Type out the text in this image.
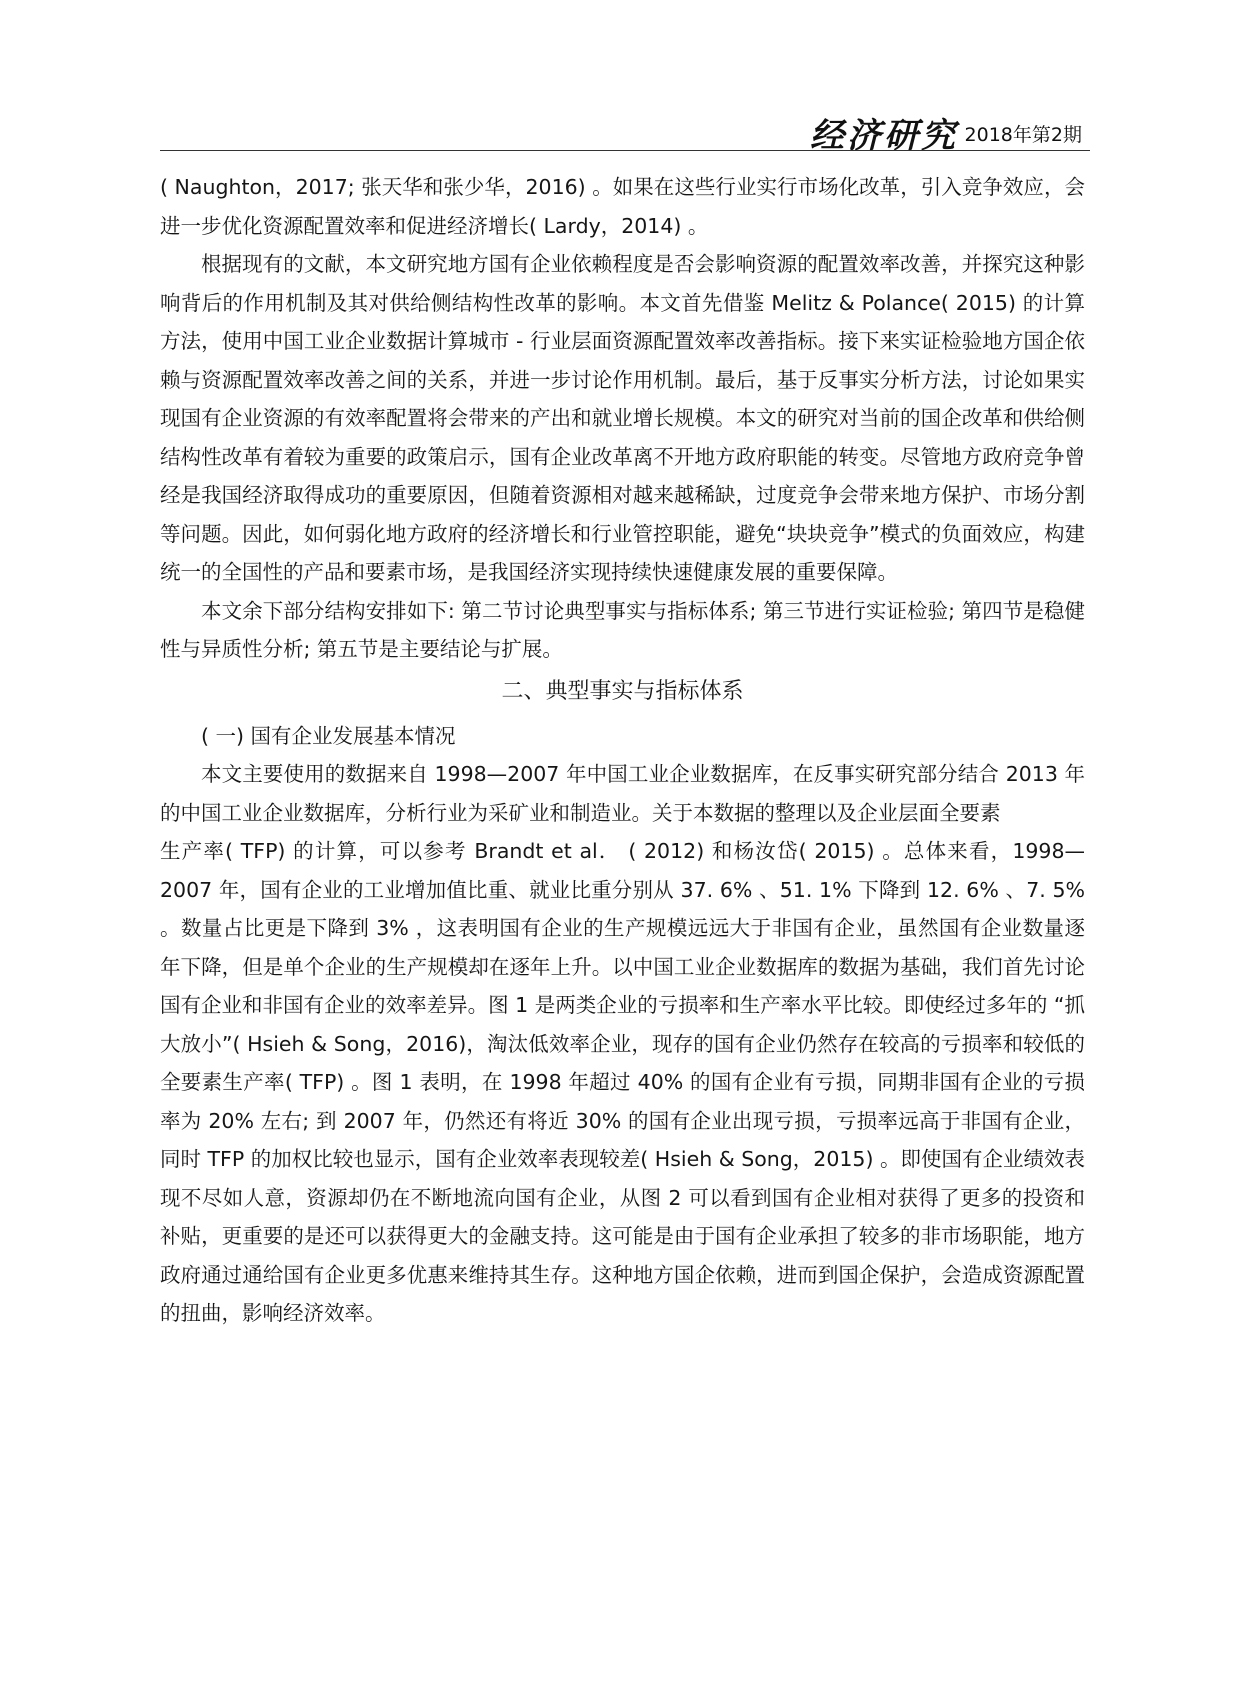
经济研究 2018年第2期

( Naughton，2017; 张天华和张少华，2016) 。如果在这些行业实行市场化改革，引入竞争效应，会进一步优化资源配置效率和促进经济增长( Lardy，2014) 。

根据现有的文献，本文研究地方国有企业依赖程度是否会影响资源的配置效率改善，并探究这种影响背后的作用机制及其对供给侧结构性改革的影响。本文首先借鉴 Melitz & Polance( 2015) 的计算方法，使用中国工业企业数据计算城市 - 行业层面资源配置效率改善指标。接下来实证检验地方国企依赖与资源配置效率改善之间的关系，并进一步讨论作用机制。最后，基于反事实分析方法，讨论如果实现国有企业资源的有效率配置将会带来的产出和就业增长规模。本文的研究对当前的国企改革和供给侧结构性改革有着较为重要的政策启示，国有企业改革离不开地方政府职能的转变。尽管地方政府竞争曾经是我国经济取得成功的重要原因，但随着资源相对越来越稀缺，过度竞争会带来地方保护、市场分割等问题。因此，如何弱化地方政府的经济增长和行业管控职能，避免“块块竞争”模式的负面效应，构建统一的全国性的产品和要素市场，是我国经济实现持续快速健康发展的重要保障。

本文余下部分结构安排如下: 第二节讨论典型事实与指标体系; 第三节进行实证检验; 第四节是稳健性与异质性分析; 第五节是主要结论与扩展。

二、典型事实与指标体系

( 一) 国有企业发展基本情况

本文主要使用的数据来自 1998—2007 年中国工业企业数据库，在反事实研究部分结合 2013 年的中国工业企业数据库，分析行业为采矿业和制造业。关于本数据的整理以及企业层面全要素

生产率( TFP) 的计算，可以参考 Brandt et al． ( 2012) 和杨汝岱( 2015) 。总体来看，1998—2007 年，国有企业的工业增加值比重、就业比重分别从 37. 6% 、51. 1% 下降到 12. 6% 、7. 5% 。数量占比更是下降到 3% ，这表明国有企业的生产规模远远大于非国有企业，虽然国有企业数量逐年下降，但是单个企业的生产规模却在逐年上升。以中国工业企业数据库的数据为基础，我们首先讨论国有企业和非国有企业的效率差异。图 1 是两类企业的亏损率和生产率水平比较。即使经过多年的 “抓大放小”( Hsieh & Song，2016)，淘汰低效率企业，现存的国有企业仍然存在较高的亏损率和较低的全要素生产率( TFP) 。图 1 表明，在 1998 年超过 40% 的国有企业有亏损，同期非国有企业的亏损率为 20% 左右; 到 2007 年，仍然还有将近 30% 的国有企业出现亏损，亏损率远高于非国有企业，同时 TFP 的加权比较也显示，国有企业效率表现较差( Hsieh & Song，2015) 。即使国有企业绩效表现不尽如人意，资源却仍在不断地流向国有企业，从图 2 可以看到国有企业相对获得了更多的投资和补贴，更重要的是还可以获得更大的金融支持。这可能是由于国有企业承担了较多的非市场职能，地方政府通过通给国有企业更多优惠来维持其生存。这种地方国企依赖，进而到国企保护，会造成资源配置的扭曲，影响经济效率。
